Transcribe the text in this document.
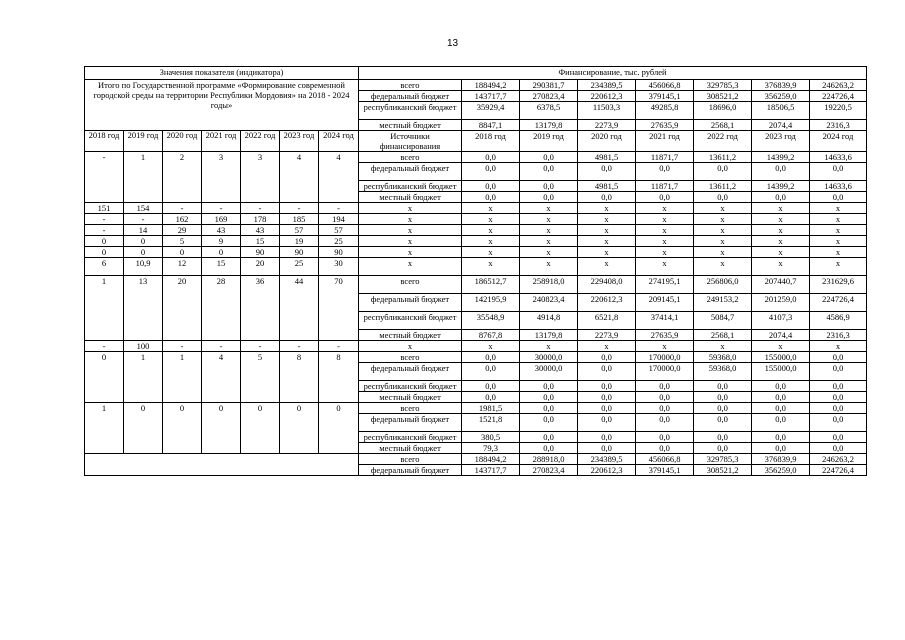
13
Значения показателя (индикатора)							Финансирование, тыс. рублей							
Итого по Государственной программе «Формирование современной городской среды на территории Республики Мордовия» на 2018 - 2024 годы»							всего	188494,2	290381,7	234389,5	456066,8	329785,3	376839,9	246263,2
							федеральный бюджет	143717,7	270823,4	220612,3	379145,1	308521,2	356259,0	224726,4
							республиканский бюджет	35929,4	6378,5	11503,3	49285,8	18696,0	18506,5	19220,5
							местный бюджет	8847,1	13179,8	2273,9	27635,9	2568,1	2074,4	2316,3
2018 год	2019 год	2020 год	2021 год	2022 год	2023 год	2024 год	Источники финансирования	2018 год	2019 год	2020 год	2021 год	2022 год	2023 год	2024 год
-	1	2	3	3	4	4	всего	0,0	0,0	4981,5	11871,7	13611,2	14399,2	14633,6
							федеральный бюджет	0,0	0,0	0,0	0,0	0,0	0,0	0,0
							республиканский бюджет	0,0	0,0	4981,5	11871,7	13611,2	14399,2	14633,6
							местный бюджет	0,0	0,0	0,0	0,0	0,0	0,0	0,0
151	154	-	-	-	-	-	х	х	х	х	х	х	х	х
-	-	162	169	178	185	194	х	х	х	х	х	х	х	х
-	14	29	43	43	57	57	х	х	х	х	х	х	х	х
0	0	5	9	15	19	25	х	х	х	х	х	х	х	х
0	0	0	0	90	90	90	х	х	х	х	х	х	х	х
6	10,9	12	15	20	25	30	х	х	х	х	х	х	х	х
1	13	20	28	36	44	70	всего	186512,7	258918,0	229408,0	274195,1	256806,0	207440,7	231629,6
							федеральный бюджет	142195,9	240823,4	220612,3	209145,1	249153,2	201259,0	224726,4
							республиканский бюджет	35548,9	4914,8	6521,8	37414,1	5084,7	4107,3	4586,9
							местный бюджет	8767,8	13179,8	2273,9	27635,9	2568,1	2074,4	2316,3
-	100	-	-	-	-	-	х	х	х	х	х	х	х	х
0	1	1	4	5	8	8	всего	0,0	30000,0	0,0	170000,0	59368,0	155000,0	0,0
							федеральный бюджет	0,0	30000,0	0,0	170000,0	59368,0	155000,0	0,0
							республиканский бюджет	0,0	0,0	0,0	0,0	0,0	0,0	0,0
							местный бюджет	0,0	0,0	0,0	0,0	0,0	0,0	0,0
1	0	0	0	0	0	0	всего	1981,5	0,0	0,0	0,0	0,0	0,0	0,0
							федеральный бюджет	1521,8	0,0	0,0	0,0	0,0	0,0	0,0
							республиканский бюджет	380,5	0,0	0,0	0,0	0,0	0,0	0,0
							местный бюджет	79,3	0,0	0,0	0,0	0,0	0,0	0,0
							всего	188494,2	288918,0	234389,5	456066,8	329785,3	376839,9	246263,2
							федеральный бюджет	143717,7	270823,4	220612,3	379145,1	308521,2	356259,0	224726,4
